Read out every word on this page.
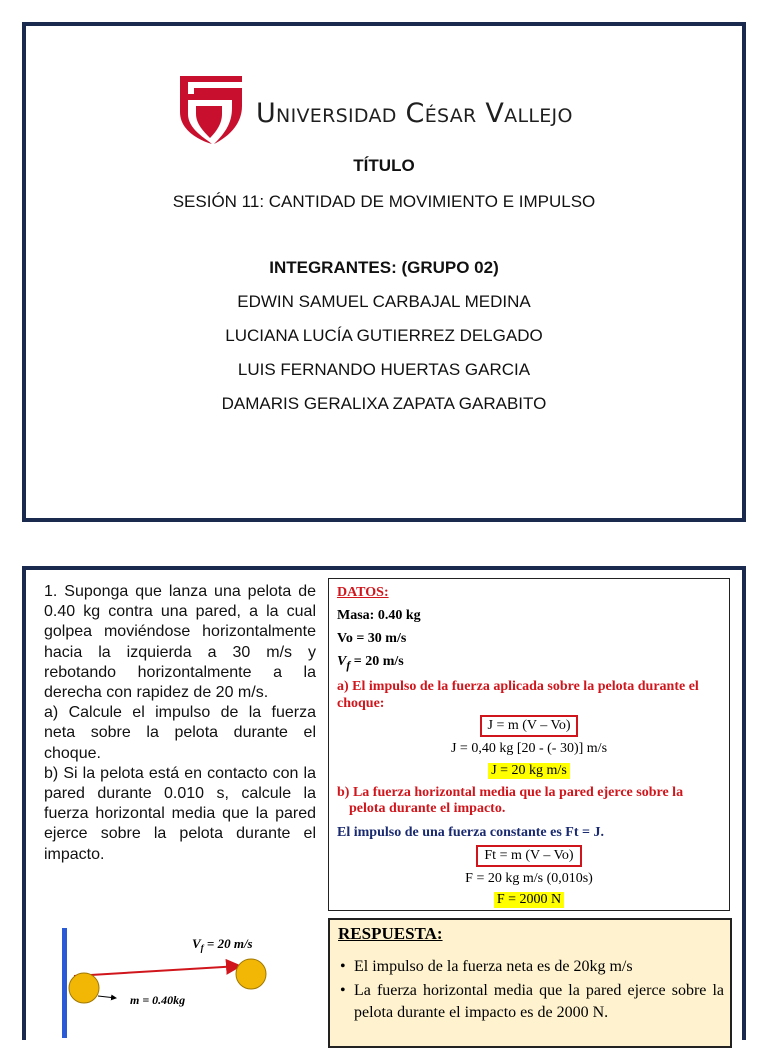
Universidad César Vallejo
TÍTULO
SESIÓN 11: CANTIDAD DE MOVIMIENTO E IMPULSO
INTEGRANTES: (GRUPO 02)
EDWIN SAMUEL CARBAJAL MEDINA
LUCIANA LUCÍA GUTIERREZ DELGADO
LUIS FERNANDO HUERTAS GARCIA
DAMARIS GERALIXA ZAPATA GARABITO

1. Suponga que lanza una pelota de 0.40 kg contra una pared, a la cual golpea moviéndose horizontalmente hacia la izquierda a 30 m/s y rebotando horizontalmente a la derecha con rapidez de 20 m/s.

a) Calcule el impulso de la fuerza neta sobre la pelota durante el choque.

b) Si la pelota está en contacto con la pared durante 0.010 s, calcule la fuerza horizontal media que la pared ejerce sobre la pelota durante el impacto.

DATOS:
Masa: 0.40 kg
Vo = 30 m/s
$V_f = 20$ m/s
a) El impulso de la fuerza aplicada sobre la pelota durante el choque:
J = m (V – Vo)
J = 0,40 kg [20 - (- 30)] m/s
J = 20 kg m/s
b) La fuerza horizontal media que la pared ejerce sobre la
pelota durante el impacto.
El impulso de una fuerza constante es Ft = J.
Ft = m (V – Vo)
F = 20 kg m/s (0,010s)
F = 2000 N
RESPUESTA:
• El impulso de la fuerza neta es de 20kg m/s
• La fuerza horizontal media que la pared ejerce sobre la pelota durante el impacto es de 2000 N.
$V_f = 20$ m/s
m = 0.40kg
